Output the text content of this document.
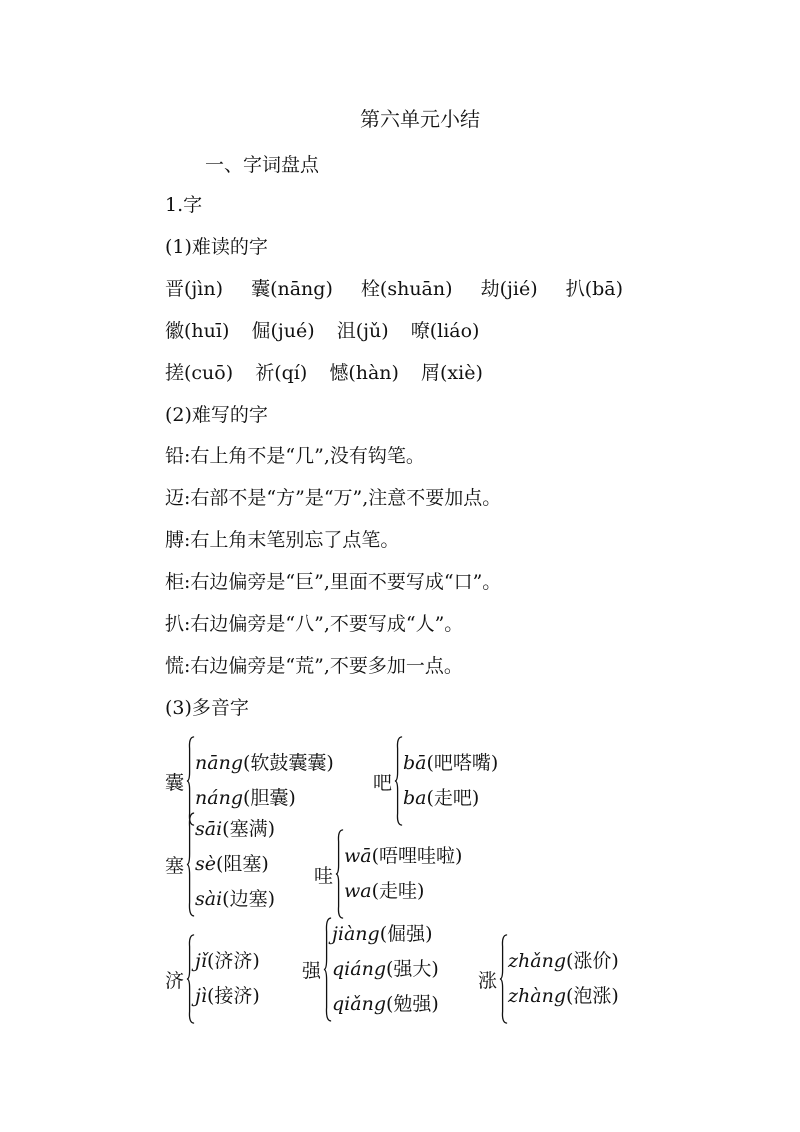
第六单元小结
一、字词盘点
1.字
(1)难读的字
晋(jìn) 囊(nāng) 栓(shuān) 劫(jié) 扒(bā)
徽(huī) 倔(jué) 沮(jǔ) 嘹(liáo)
搓(cuō) 祈(qí) 憾(hàn) 屑(xiè)
(2)难写的字
铅:右上角不是“几”,没有钩笔。
迈:右部不是“方”是“万”,注意不要加点。
膊:右上角末笔别忘了点笔。
柜:右边偏旁是“巨”,里面不要写成“口”。
扒:右边偏旁是“八”,不要写成“人”。
慌:右边偏旁是“荒”,不要多加一点。
(3)多音字
囊
nāng(软鼓囊囊)
náng(胆囊)
吧
bā(吧嗒嘴)
ba(走吧)
塞
sāi(塞满)
sè(阻塞)
sài(边塞)
哇
wā(唔哩哇啦)
wa(走哇)
济
jǐ(济济)
jì(接济)
强
jiàng(倔强)
qiáng(强大)
qiǎng(勉强)
涨
zhǎng(涨价)
zhàng(泡涨)
